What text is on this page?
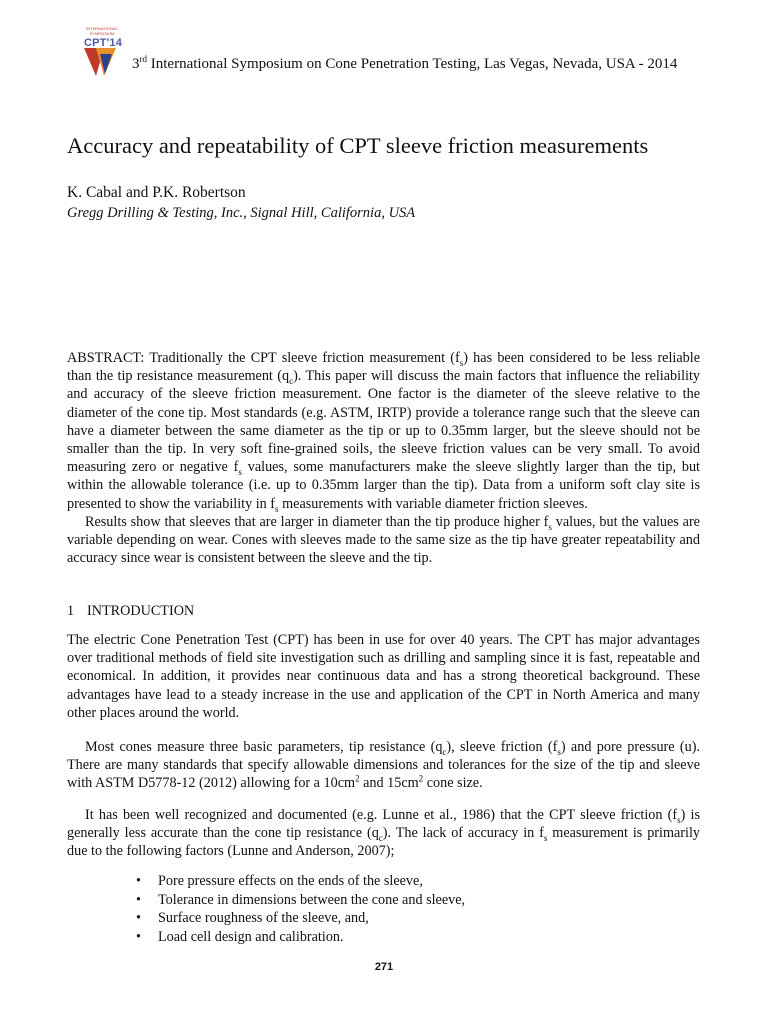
INTERNATIONAL SYMPOSIUM
CPT'14
3rd International Symposium on Cone Penetration Testing, Las Vegas, Nevada, USA - 2014
Accuracy and repeatability of CPT sleeve friction measurements
K. Cabal and P.K. Robertson
Gregg Drilling & Testing, Inc., Signal Hill, California, USA
ABSTRACT: Traditionally the CPT sleeve friction measurement $(f_s)$ has been considered to be less reliable than the tip resistance measurement $(q_c)$. This paper will discuss the main factors that influence the reliability and accuracy of the sleeve friction measurement. One factor is the diameter of the sleeve relative to the diameter of the cone tip. Most standards (e.g. ASTM, IRTP) provide a tolerance range such that the sleeve can have a diameter between the same diameter as the tip or up to 0.35mm larger, but the sleeve should not be smaller than the tip. In very soft fine-grained soils, the sleeve friction values can be very small. To avoid measuring zero or negative $f_s$ values, some manufacturers make the sleeve slightly larger than the tip, but within the allowable tolerance (i.e. up to 0.35mm larger than the tip). Data from a uniform soft clay site is presented to show the variability in $f_s$ measurements with variable diameter friction sleeves.
Results show that sleeves that are larger in diameter than the tip produce higher $f_s$ values, but the values are variable depending on wear. Cones with sleeves made to the same size as the tip have greater repeatability and accuracy since wear is consistent between the sleeve and the tip.
1 INTRODUCTION
The electric Cone Penetration Test (CPT) has been in use for over 40 years. The CPT has major advantages over traditional methods of field site investigation such as drilling and sampling since it is fast, repeatable and economical. In addition, it provides near continuous data and has a strong theoretical background. These advantages have lead to a steady increase in the use and application of the CPT in North America and many other places around the world.
Most cones measure three basic parameters, tip resistance $(q_c)$, sleeve friction $(f_s)$ and pore pressure (u). There are many standards that specify allowable dimensions and tolerances for the size of the tip and sleeve with ASTM D5778-12 (2012) allowing for a $10cm^2$ and $15cm^2$ cone size.
It has been well recognized and documented (e.g. Lunne et al., 1986) that the CPT sleeve friction $(f_s)$ is generally less accurate than the cone tip resistance $(q_c)$. The lack of accuracy in $f_s$ measurement is primarily due to the following factors (Lunne and Anderson, 2007);
• Pore pressure effects on the ends of the sleeve,
• Tolerance in dimensions between the cone and sleeve,
• Surface roughness of the sleeve, and,
• Load cell design and calibration.
271
